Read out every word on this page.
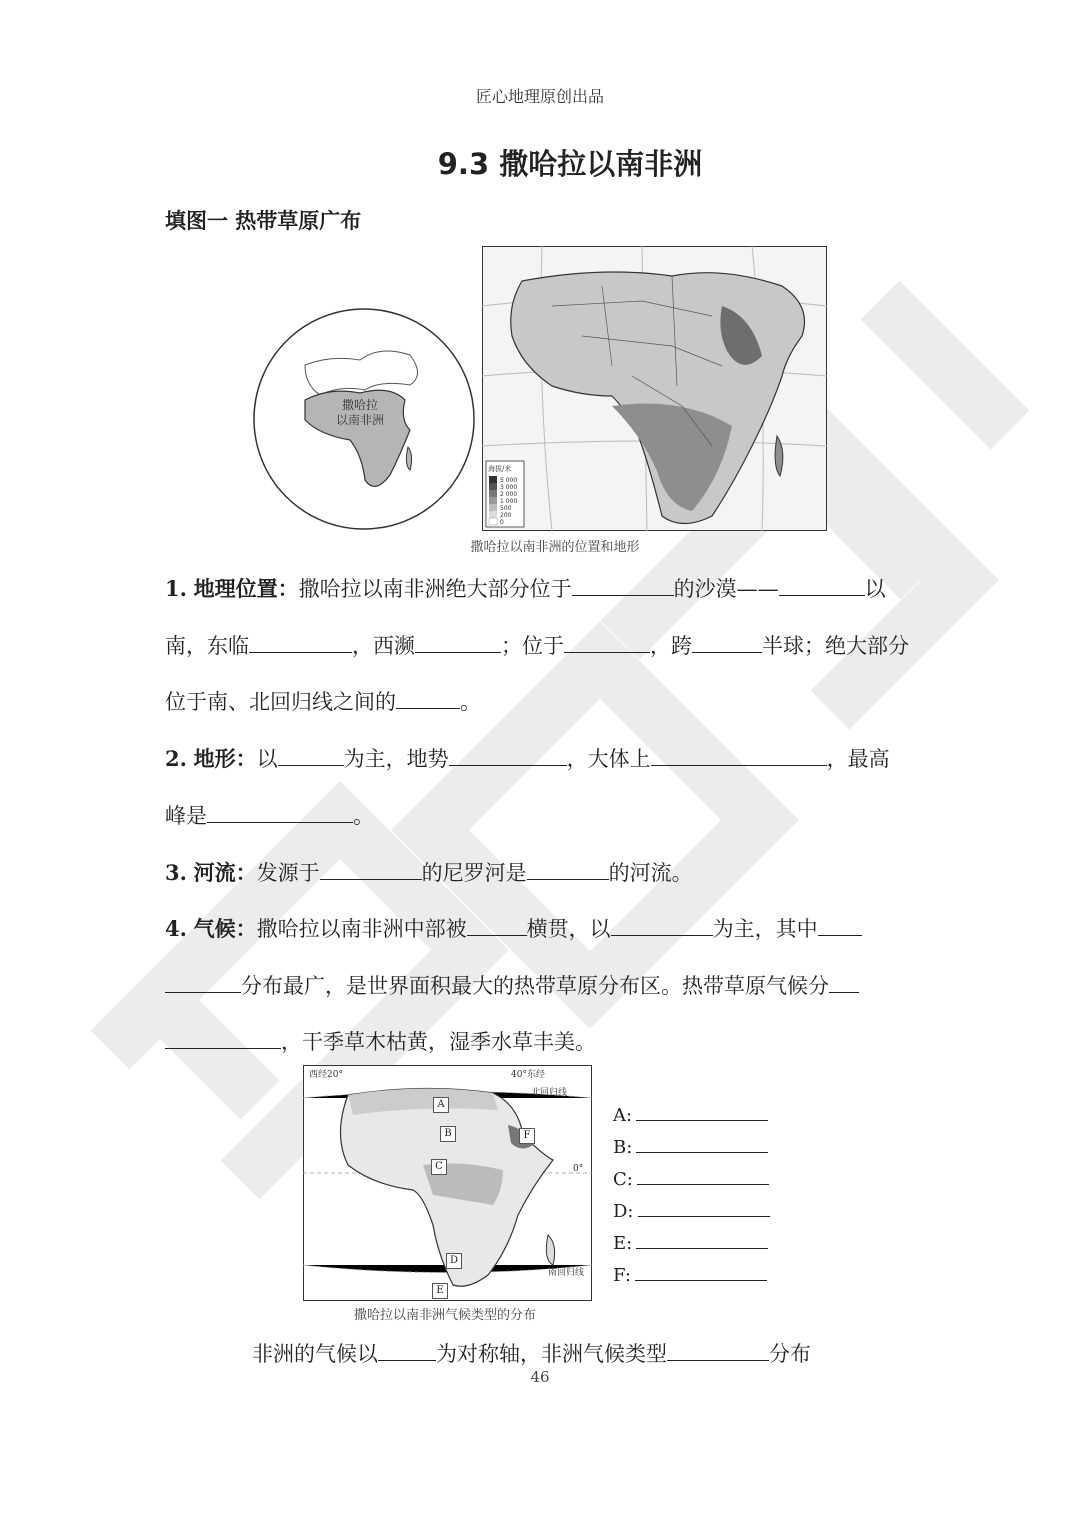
匠心地理原创出品
9.3 撒哈拉以南非洲
填图一 热带草原广布
撒哈拉
以南非洲
海拔/米
5 000
3 000
2 000
1 000
500
200
0
撒哈拉以南非洲的位置和地形
1. 地理位置：撒哈拉以南非洲绝大部分位于	的沙漠——	以
南，东临	，西濒	；位于	，跨	半球；绝大部分
位于南、北回归线之间的	。
2. 地形：以	为主，地势	，大体上	，最高
峰是	。
3. 河流：发源于	的尼罗河是	的河流。
4. 气候：撒哈拉以南非洲中部被	横贯，以	为主，其中
分布最广，是世界面积最大的热带草原分布区。热带草原气候分
，干季草木枯黄，湿季水草丰美。
西经20°	40°东经
北回归线
0°
南回归线
A
B
C
D
E
F
撒哈拉以南非洲气候类型的分布
A:
B:
C:
D:
E:
F:
非洲的气候以	为对称轴，非洲气候类型	分布
46
